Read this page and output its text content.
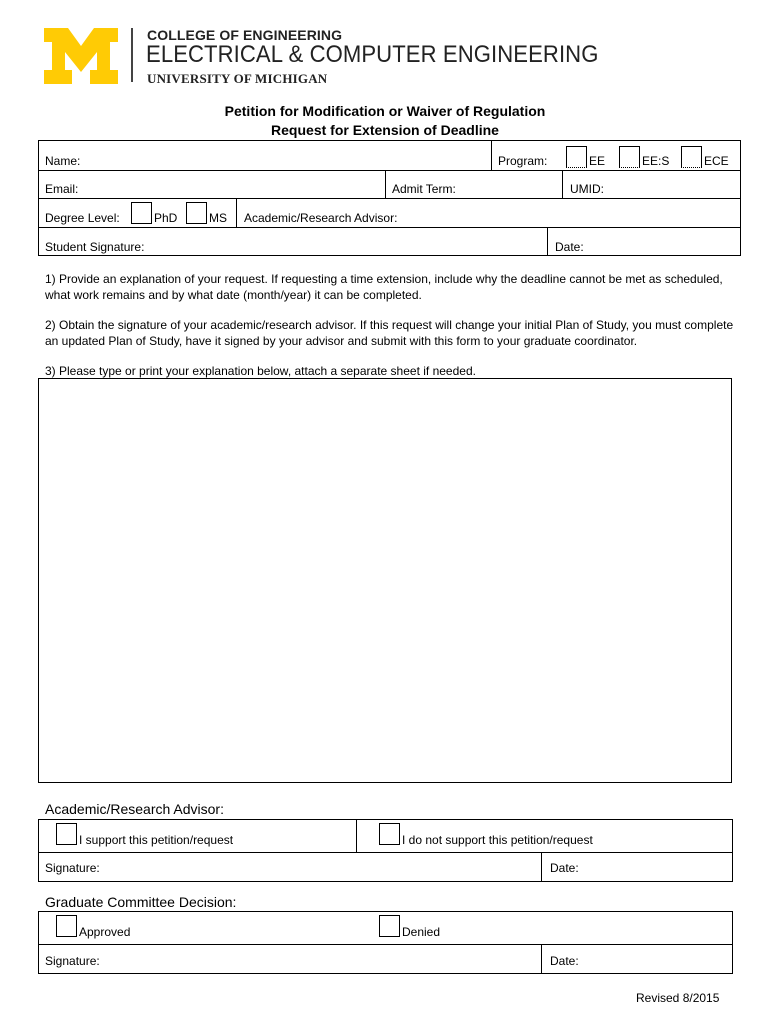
COLLEGE OF ENGINEERING
ELECTRICAL & COMPUTER ENGINEERING
UNIVERSITY OF MICHIGAN
Petition for Modification or Waiver of Regulation
Request for Extension of Deadline
Name:	Program:	EE	EE:S	ECE
Email:	Admit Term:	UMID:
Degree Level:	PhD	MS Academic/Research Advisor:
Student Signature:	Date:
1) Provide an explanation of your request. If requesting a time extension, include why the deadline cannot be met as scheduled, what work remains and by what date (month/year) it can be completed.
2) Obtain the signature of your academic/research advisor. If this request will change your initial Plan of Study, you must complete an updated Plan of Study, have it signed by your advisor and submit with this form to your graduate coordinator.
3) Please type or print your explanation below, attach a separate sheet if needed.
Academic/Research Advisor:
I support this petition/request	I do not support this petition/request
Signature:	Date:
Graduate Committee Decision:
Approved	Denied
Signature:	Date:
Revised 8/2015
